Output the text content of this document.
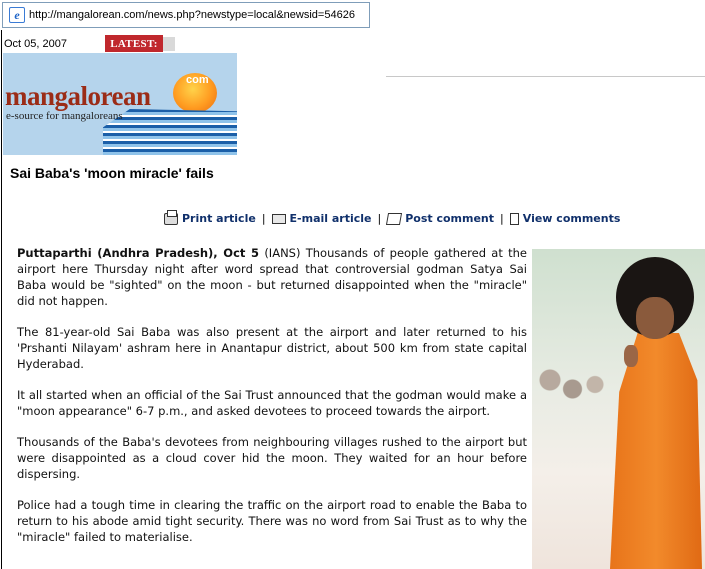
e http://mangalorean.com/news.php?newstype=local&newsid=54626
Oct 05, 2007	LATEST:
com
mangalorean
e-source for mangaloreans
Sai Baba's 'moon miracle' fails
Print article | E-mail article | Post comment | View comments

Puttaparthi (Andhra Pradesh), Oct 5 (IANS) Thousands of people gathered at the airport here Thursday night after word spread that controversial godman Satya Sai Baba would be "sighted" on the moon - but returned disappointed when the "miracle" did not happen.

The 81-year-old Sai Baba was also present at the airport and later returned to his 'Prshanti Nilayam' ashram here in Anantapur district, about 500 km from state capital Hyderabad.

It all started when an official of the Sai Trust announced that the godman would make a "moon appearance" 6-7 p.m., and asked devotees to proceed towards the airport.

Thousands of the Baba's devotees from neighbouring villages rushed to the airport but were disappointed as a cloud cover hid the moon. They waited for an hour before dispersing.

Police had a tough time in clearing the traffic on the airport road to enable the Baba to return to his abode amid tight security. There was no word from Sai Trust as to why the "miracle" failed to materialise.
